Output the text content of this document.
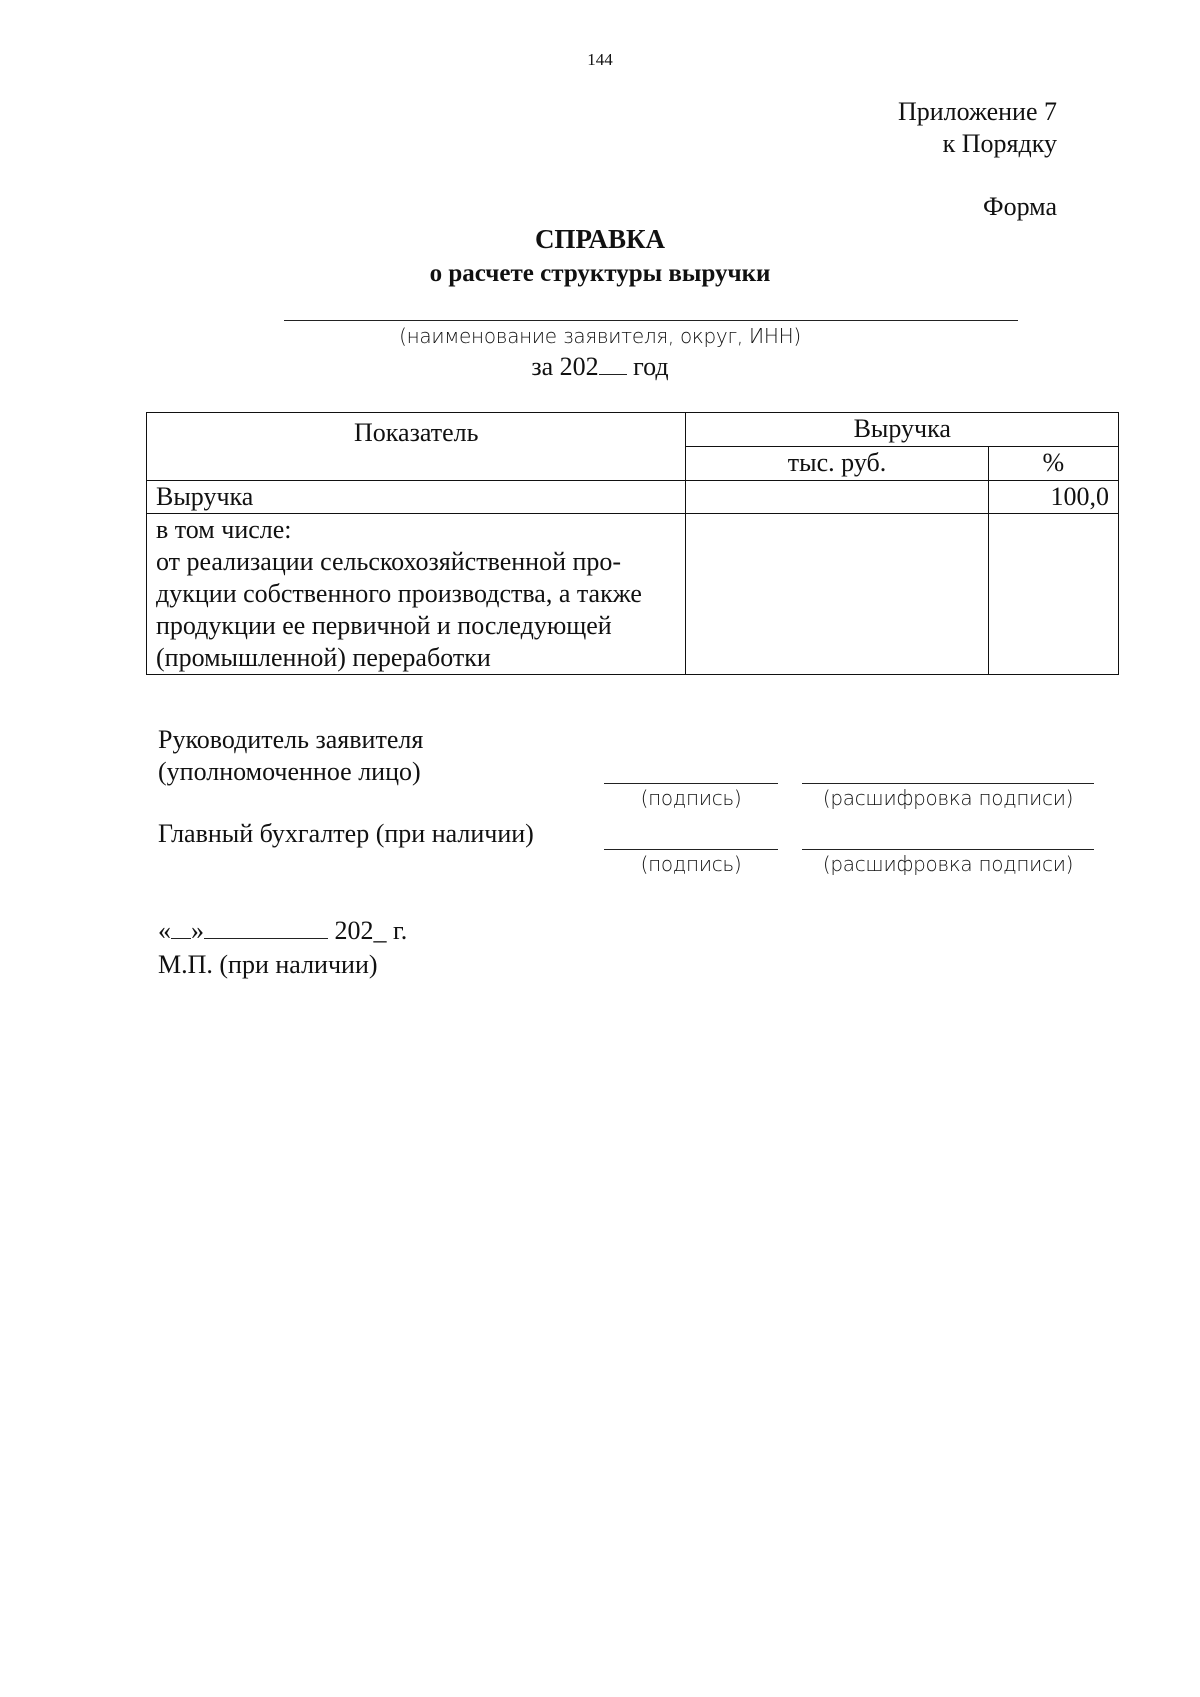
144
Приложение 7
к Порядку
Форма
СПРАВКА
о расчете структуры выручки
(наименование заявителя, округ, ИНН)
за 202 год
Показатель	Выручка	
	тыс. руб.	%
Выручка		100,0

в том числе:
от реализации сельскохозяйственной про-
дукции собственного производства, а также
продукции ее первичной и последующей
(промышленной) переработки		

Руководитель заявителя
(уполномоченное лицо)
(подпись)	(расшифровка подписи)
Главный бухгалтер (при наличии)
(подпись)	(расшифровка подписи)
« »	202_ г.
М.П. (при наличии)
